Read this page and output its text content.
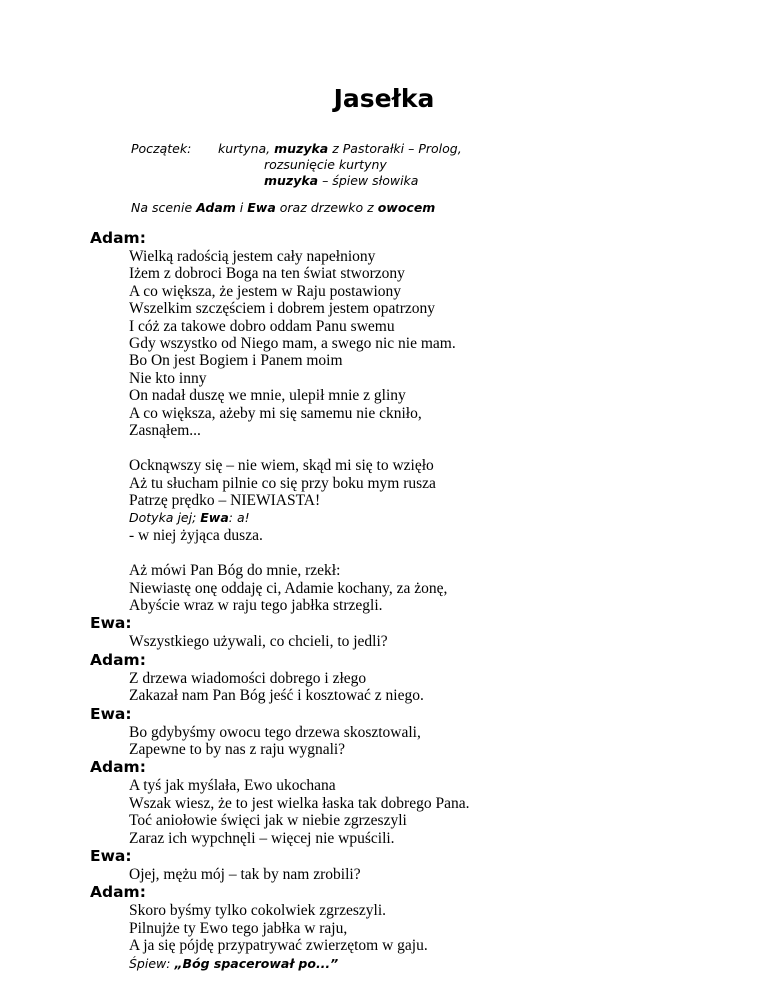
Jasełka
Początek: kurtyna, muzyka z Pastorałki – Prolog,
rozsunięcie kurtyny
muzyka – śpiew słowika
Na scenie Adam i Ewa oraz drzewko z owocem
Adam:
Wielką radością jestem cały napełniony
Iżem z dobroci Boga na ten świat stworzony
A co większa, że jestem w Raju postawiony
Wszelkim szczęściem i dobrem jestem opatrzony
I cóż za takowe dobro oddam Panu swemu
Gdy wszystko od Niego mam, a swego nic nie mam.
Bo On jest Bogiem i Panem moim
Nie kto inny
On nadał duszę we mnie, ulepił mnie z gliny
A co większa, ażeby mi się samemu nie ckniło,
Zasnąłem...
Ocknąwszy się – nie wiem, skąd mi się to wzięło
Aż tu słucham pilnie co się przy boku mym rusza
Patrzę prędko – NIEWIASTA!
Dotyka jej; Ewa: a!
- w niej żyjąca dusza.
Aż mówi Pan Bóg do mnie, rzekł:
Niewiastę onę oddaję ci, Adamie kochany, za żonę,
Abyście wraz w raju tego jabłka strzegli.
Ewa:
Wszystkiego używali, co chcieli, to jedli?
Adam:
Z drzewa wiadomości dobrego i złego
Zakazał nam Pan Bóg jeść i kosztować z niego.
Ewa:
Bo gdybyśmy owocu tego drzewa skosztowali,
Zapewne to by nas z raju wygnali?
Adam:
A tyś jak myślała, Ewo ukochana
Wszak wiesz, że to jest wielka łaska tak dobrego Pana.
Toć aniołowie święci jak w niebie zgrzeszyli
Zaraz ich wypchnęli – więcej nie wpuścili.
Ewa:
Ojej, mężu mój – tak by nam zrobili?
Adam:
Skoro byśmy tylko cokolwiek zgrzeszyli.
Pilnujże ty Ewo tego jabłka w raju,
A ja się pójdę przypatrywać zwierzętom w gaju.
Śpiew: „Bóg spacerował po...”
